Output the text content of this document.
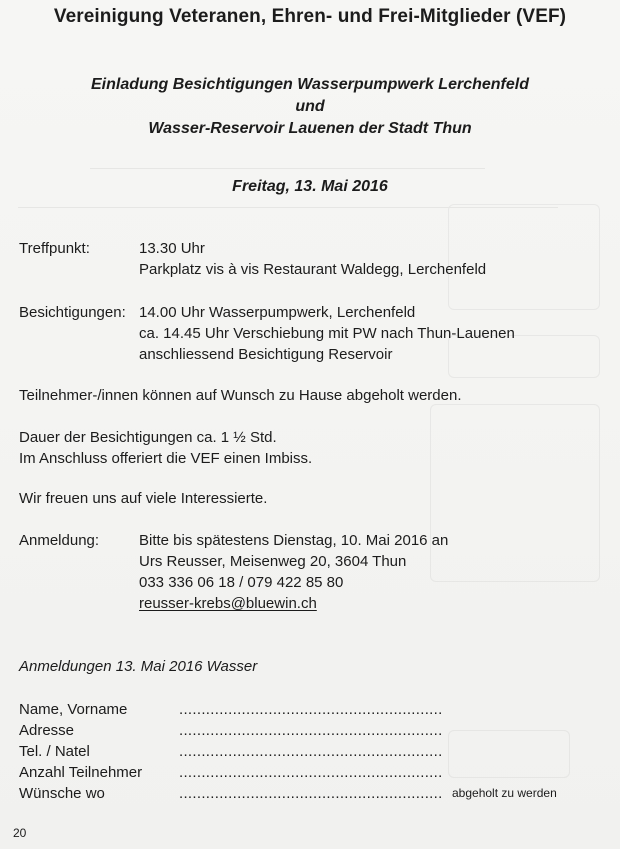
Vereinigung Veteranen, Ehren- und Frei-Mitglieder (VEF)
Einladung Besichtigungen Wasserpumpwerk Lerchenfeld
und
Wasser-Reservoir Lauenen der Stadt Thun
Freitag, 13. Mai 2016
Treffpunkt:	13.30 Uhr
Parkplatz vis à vis Restaurant Waldegg, Lerchenfeld
Besichtigungen: 14.00 Uhr Wasserpumpwerk, Lerchenfeld
ca. 14.45 Uhr Verschiebung mit PW nach Thun-Lauenen
anschliessend Besichtigung Reservoir
Teilnehmer-/innen können auf Wunsch zu Hause abgeholt werden.
Dauer der Besichtigungen ca. 1 ½ Std.
Im Anschluss offeriert die VEF einen Imbiss.
Wir freuen uns auf viele Interessierte.
Anmeldung:	Bitte bis spätestens Dienstag, 10. Mai 2016 an
Urs Reusser, Meisenweg 20, 3604 Thun
033 336 06 18 / 079 422 85 80
reusser-krebs@bluewin.ch
Anmeldungen 13. Mai 2016 Wasser
Name, Vorname	...........................................................
Adresse	...........................................................
Tel. / Natel	...........................................................
Anzahl Teilnehmer ...........................................................
Wünsche wo	........................................................... abgeholt zu werden
20
